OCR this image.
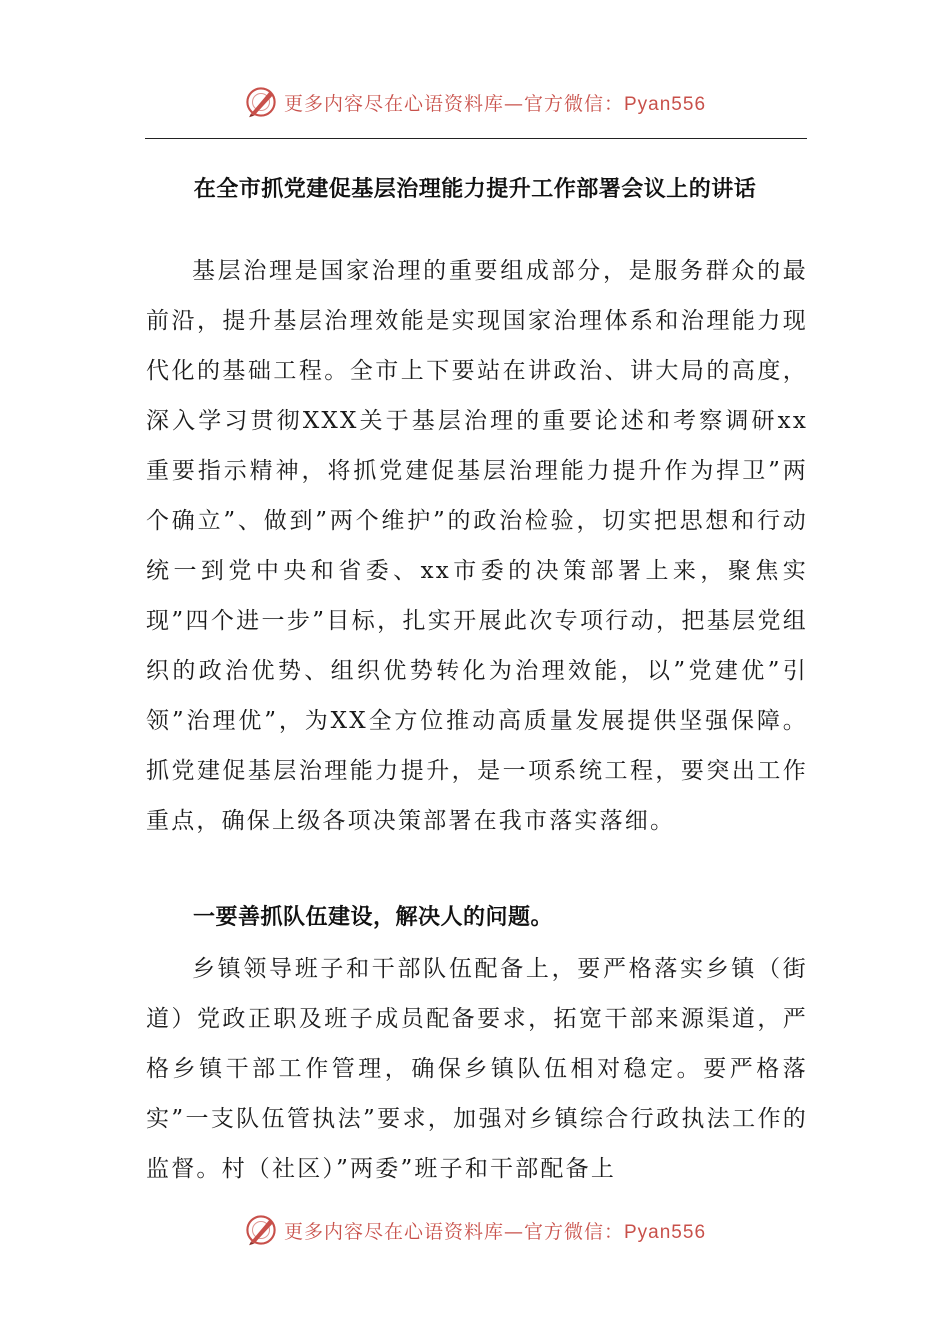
更多内容尽在心语资料库—官方微信：Pyan556
在全市抓党建促基层治理能力提升工作部署会议上的讲话

基层治理是国家治理的重要组成部分，是服务群众的最前沿，提升基层治理效能是实现国家治理体系和治理能力现代化的基础工程。全市上下要站在讲政治、讲大局的高度，深入学习贯彻XXX关于基层治理的重要论述和考察调研xx重要指示精神，将抓党建促基层治理能力提升作为捍卫”两个确立”、做到”两个维护”的政治检验，切实把思想和行动统一到党中央和省委、xx市委的决策部署上来，聚焦实现”四个进一步”目标，扎实开展此次专项行动，把基层党组织的政治优势、组织优势转化为治理效能，以”党建优”引领”治理优”，为XX全方位推动高质量发展提供坚强保障。抓党建促基层治理能力提升，是一项系统工程，要突出工作重点，确保上级各项决策部署在我市落实落细。

一要善抓队伍建设，解决人的问题。

乡镇领导班子和干部队伍配备上，要严格落实乡镇（街道）党政正职及班子成员配备要求，拓宽干部来源渠道，严格乡镇干部工作管理，确保乡镇队伍相对稳定。要严格落实”一支队伍管执法”要求，加强对乡镇综合行政执法工作的监督。村（社区）”两委”班子和干部配备上

更多内容尽在心语资料库—官方微信：Pyan556
